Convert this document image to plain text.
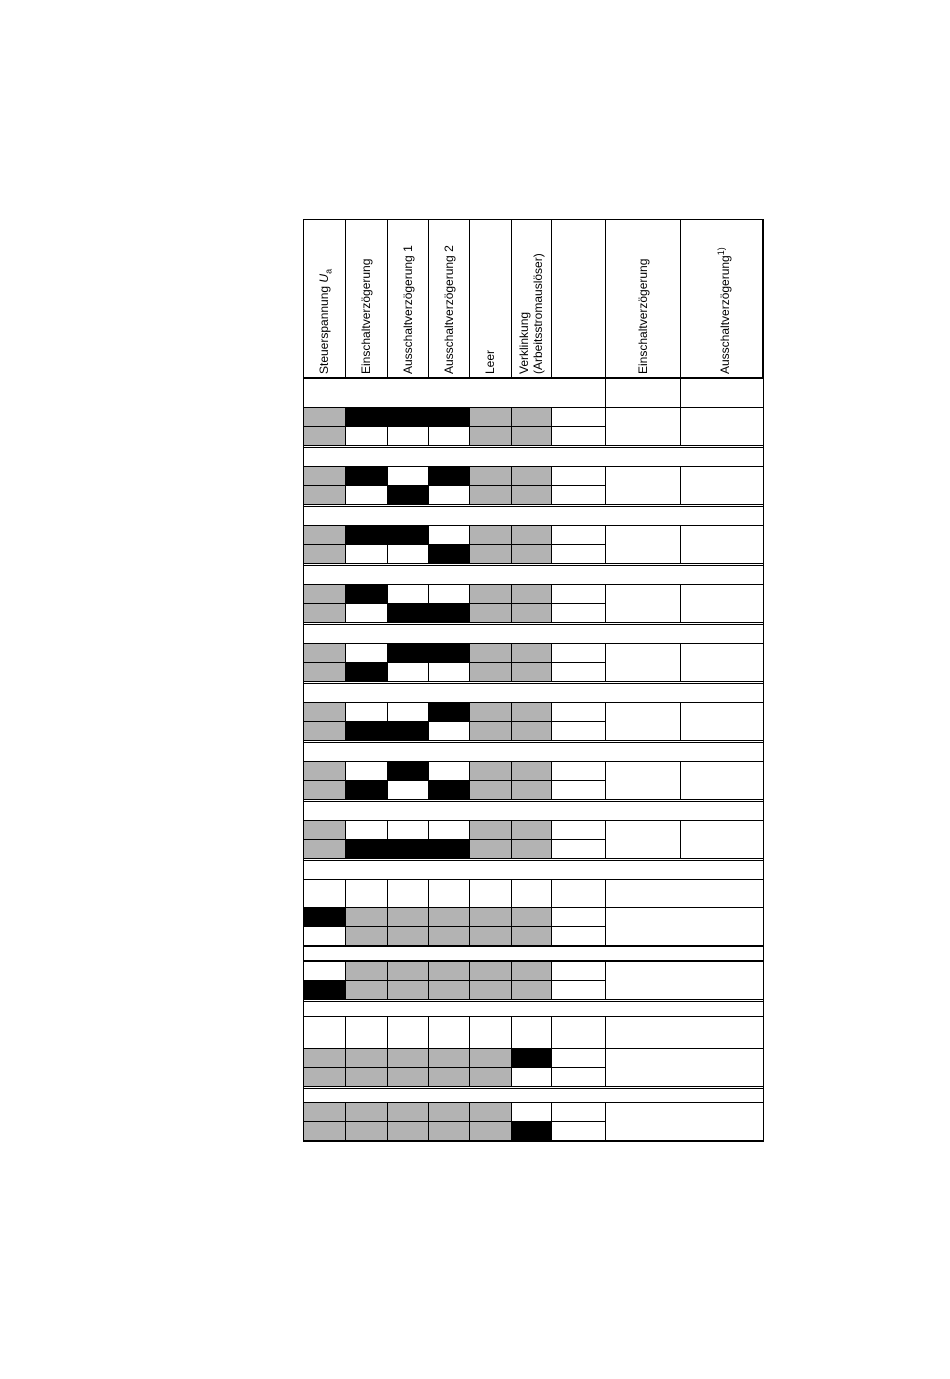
Steuerspannung $U_a$ Einschaltverzögerung Ausschaltverzögerung 1 Ausschaltverzögerung 2 Leer Verklinkung (Arbeitsstromauslöser)	Einschaltverzögerung	Ausschaltverzögerung$^{1)}$
